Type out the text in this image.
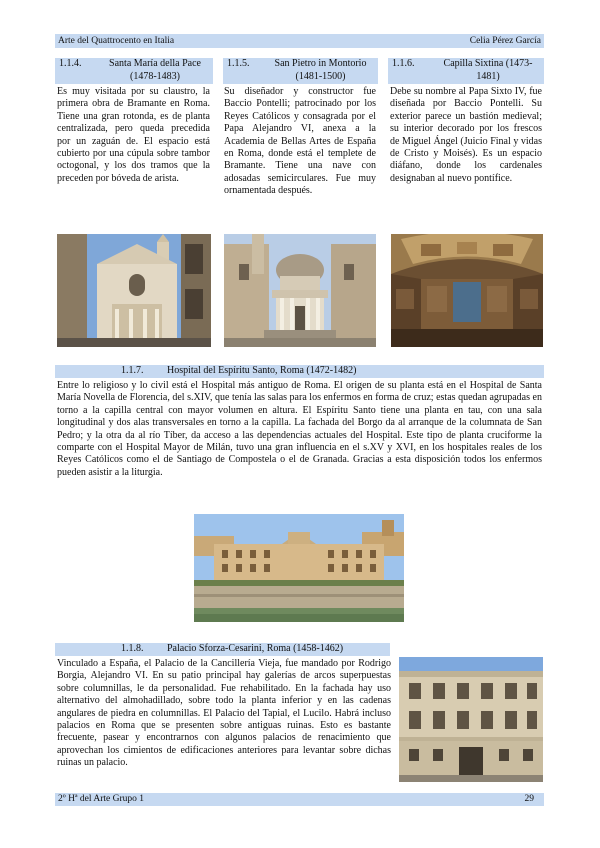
Arte del Quattrocento en Italia	Celia Pérez García
1.1.4.	Santa María della Pace (1478-1483)

Es muy visitada por su claustro, la primera obra de Bramante en Roma. Tiene una gran rotonda, es de planta centralizada, pero queda precedida por un zaguán de. El espacio está cubierto por una cúpula sobre tambor octogonal, y los dos tramos que la preceden por bóveda de arista.

1.1.5.	San Pietro in Montorio (1481-1500)

Su diseñador y constructor fue Baccio Pontelli; patrocinado por los Reyes Católicos y consagrada por el Papa Alejandro VI, anexa a la Academia de Bellas Artes de España en Roma, donde está el templete de Bramante. Tiene una nave con adosadas semicirculares. Fue muy ornamentada después.

1.1.6.	Capilla Sixtina (1473-1481)

Debe su nombre al Papa Sixto IV, fue diseñada por Baccio Pontelli. Su exterior parece un bastión medieval; su interior decorado por los frescos de Miguel Ángel (Juicio Final y vidas de Cristo y Moisés). Es un espacio diáfano, donde los cardenales designaban al nuevo pontífice.

1.1.7. Hospital del Espíritu Santo, Roma (1472-1482)

Entre lo religioso y lo civil está el Hospital más antiguo de Roma. El origen de su planta está en el Hospital de Santa María Novella de Florencia, del s.XIV, que tenía las salas para los enfermos en forma de cruz; estas quedan agrupadas en torno a la capilla central con mayor volumen en altura. El Espíritu Santo tiene una planta en tau, con una sala longitudinal y dos alas transversales en torno a la capilla. La fachada del Borgo da al arranque de la columnata de San Pedro; y la otra da al río Tíber, da acceso a las dependencias actuales del Hospital. Este tipo de planta cruciforme la comparte con el Hospital Mayor de Milán, tuvo una gran influencia en el s.XV y XVI, en los hospitales reales de los Reyes Católicos como el de Santiago de Compostela o el de Granada. Gracias a esta disposición todos los enfermos pueden asistir a la liturgia.

1.1.8. Palacio Sforza-Cesarini, Roma (1458-1462)

Vinculado a España, el Palacio de la Cancillería Vieja, fue mandado por Rodrigo Borgia, Alejandro VI. En su patio principal hay galerías de arcos superpuestas sobre columnillas, le da personalidad. Fue rehabilitado. En la fachada hay uso alternativo del almohadillado, sobre todo la planta inferior y en las cadenas angulares de piedra en columnillas. El Palacio del Tapial, el Lucilo. Habrá incluso palacios en Roma que se presenten sobre antiguas ruinas. Esto es bastante frecuente, pasear y encontrarnos con algunos palacios de renacimiento que aprovechan los cimientos de edificaciones anteriores para levantar sobre dichas ruinas un palacio.

2º Hª del Arte Grupo 1	29
